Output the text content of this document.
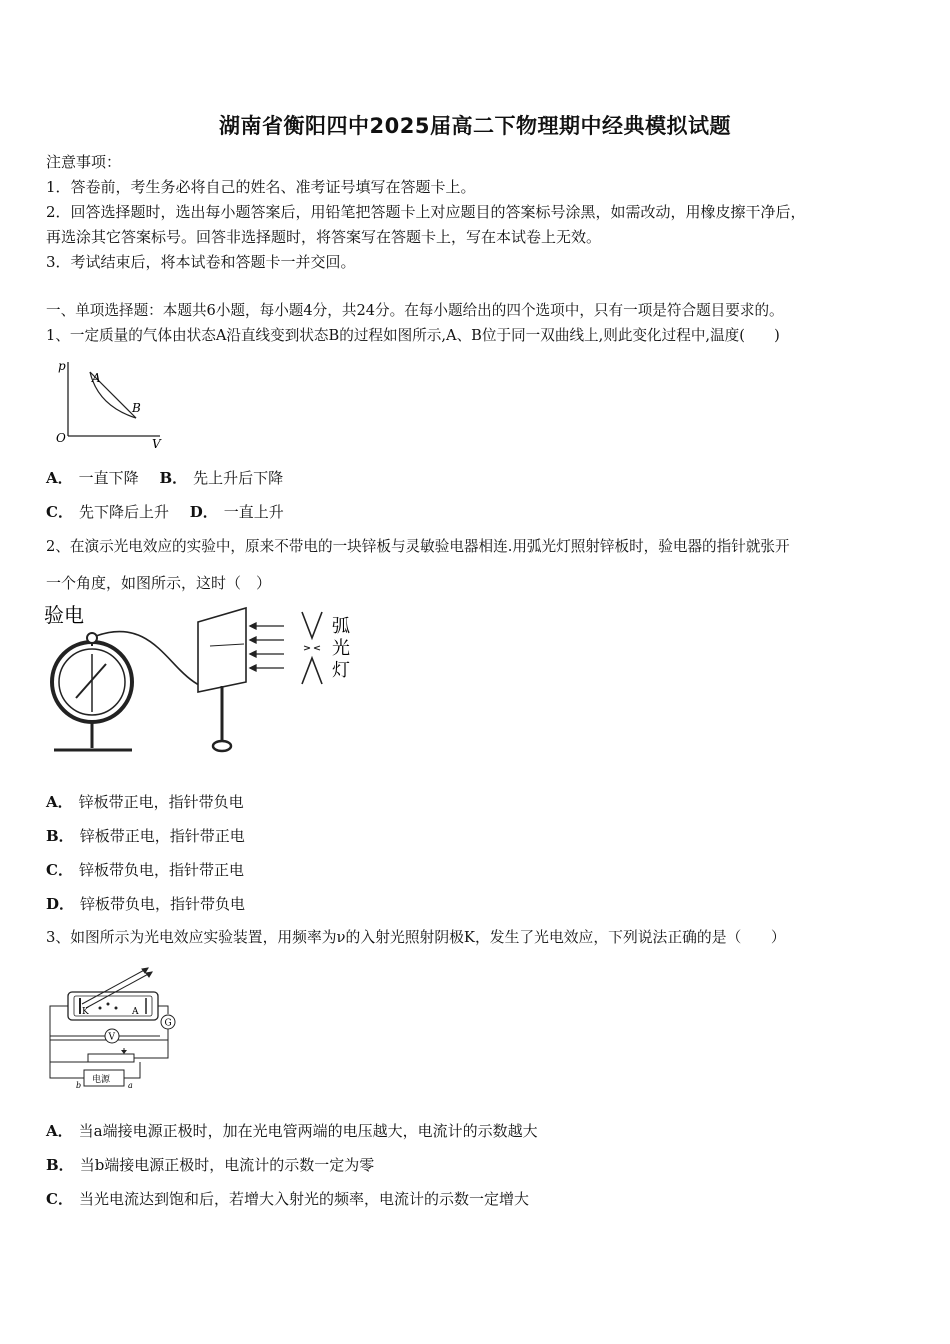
湖南省衡阳四中2025届高二下物理期中经典模拟试题
注意事项：
1．答卷前，考生务必将自己的姓名、准考证号填写在答题卡上。
2．回答选择题时，选出每小题答案后，用铅笔把答题卡上对应题目的答案标号涂黑，如需改动，用橡皮擦干净后，
再选涂其它答案标号。回答非选择题时，将答案写在答题卡上，写在本试卷上无效。
3．考试结束后，将本试卷和答题卡一并交回。
一、单项选择题：本题共6小题，每小题4分，共24分。在每小题给出的四个选项中，只有一项是符合题目要求的。
1、一定质量的气体由状态A沿直线变到状态B的过程如图所示,A、B位于同一双曲线上,则此变化过程中,温度(　　)
p
V
O
A
B
A． 一直下降 B． 先上升后下降
C． 先下降后上升 D． 一直上升
2、在演示光电效应的实验中，原来不带电的一块锌板与灵敏验电器相连.用弧光灯照射锌板时，验电器的指针就张开
一个角度，如图所示，这时（　）
验电	弧
光
灯
A． 锌板带正电，指针带负电
B． 锌板带正电，指针带正电
C． 锌板带负电，指针带正电
D． 锌板带负电，指针带负电
3、如图所示为光电效应实验装置，用频率为ν的入射光照射阴极K，发生了光电效应，下列说法正确的是（　　）
K	A
G
V
电源
b	a
A． 当a端接电源正极时，加在光电管两端的电压越大，电流计的示数越大
B． 当b端接电源正极时，电流计的示数一定为零
C． 当光电流达到饱和后，若增大入射光的频率，电流计的示数一定增大
